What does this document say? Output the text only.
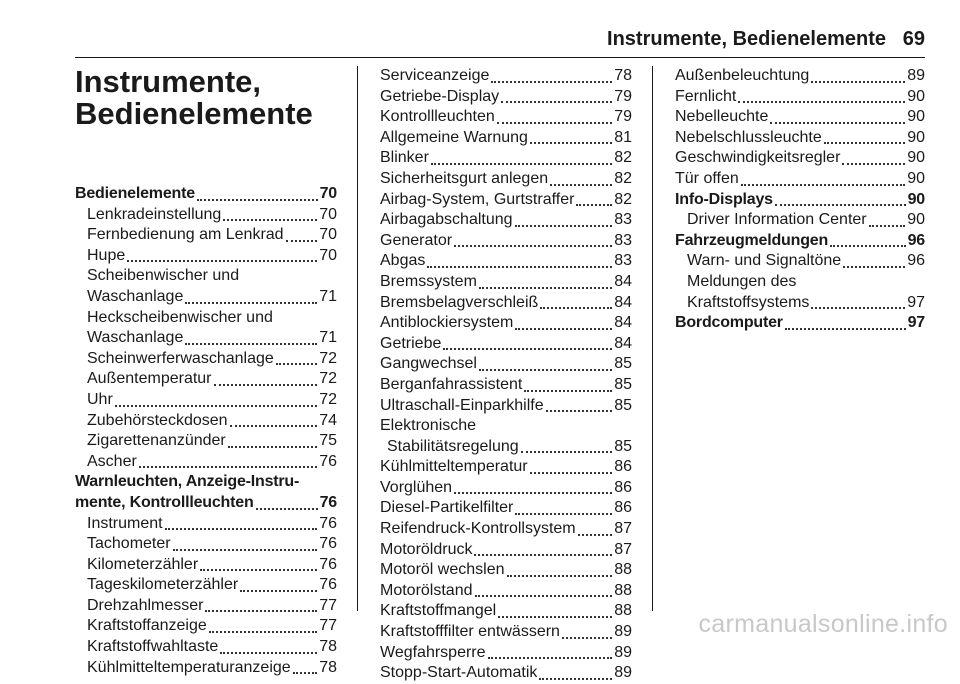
Instrumente, Bedienelemente 69
Instrumente,
Bedienelemente
Bedienelemente	70
Lenkradeinstellung	70
Fernbedienung am Lenkrad 70
Hupe	70
Scheibenwischer und
Waschanlage	71
Heckscheibenwischer und
Waschanlage	71
Scheinwerferwaschanlage	72
Außentemperatur	72
Uhr	72
Zubehörsteckdosen	74
Zigarettenanzünder	75
Ascher	76
Warnleuchten, Anzeige-Instru-
mente, Kontrollleuchten	76
Instrument	76
Tachometer	76
Kilometerzähler	76
Tageskilometerzähler	76
Drehzahlmesser	77
Kraftstoffanzeige	77
Kraftstoffwahltaste	78
Kühlmitteltemperaturanzeige 78
Serviceanzeige	78
Getriebe-Display	79
Kontrollleuchten	79
Allgemeine Warnung	81
Blinker	82
Sicherheitsgurt anlegen	82
Airbag-System, Gurtstraffer 82
Airbagabschaltung	83
Generator	83
Abgas	83
Bremssystem	84
Bremsbelagverschleiß	84
Antiblockiersystem	84
Getriebe	84
Gangwechsel	85
Berganfahrassistent	85
Ultraschall-Einparkhilfe	85
Elektronische
Stabilitätsregelung	85
Kühlmitteltemperatur	86
Vorglühen	86
Diesel-Partikelfilter	86
Reifendruck-Kontrollsystem 87
Motoröldruck	87
Motoröl wechslen	88
Motorölstand	88
Kraftstoffmangel	88
Kraftstofffilter entwässern	89
Wegfahrsperre	89
Stopp-Start-Automatik	89
Außenbeleuchtung	89
Fernlicht	90
Nebelleuchte	90
Nebelschlussleuchte	90
Geschwindigkeitsregler	90
Tür offen	90
Info-Displays	90
Driver Information Center	90
Fahrzeugmeldungen	96
Warn- und Signaltöne	96
Meldungen des
Kraftstoffsystems	97
Bordcomputer	97
carmanualsonline.info
